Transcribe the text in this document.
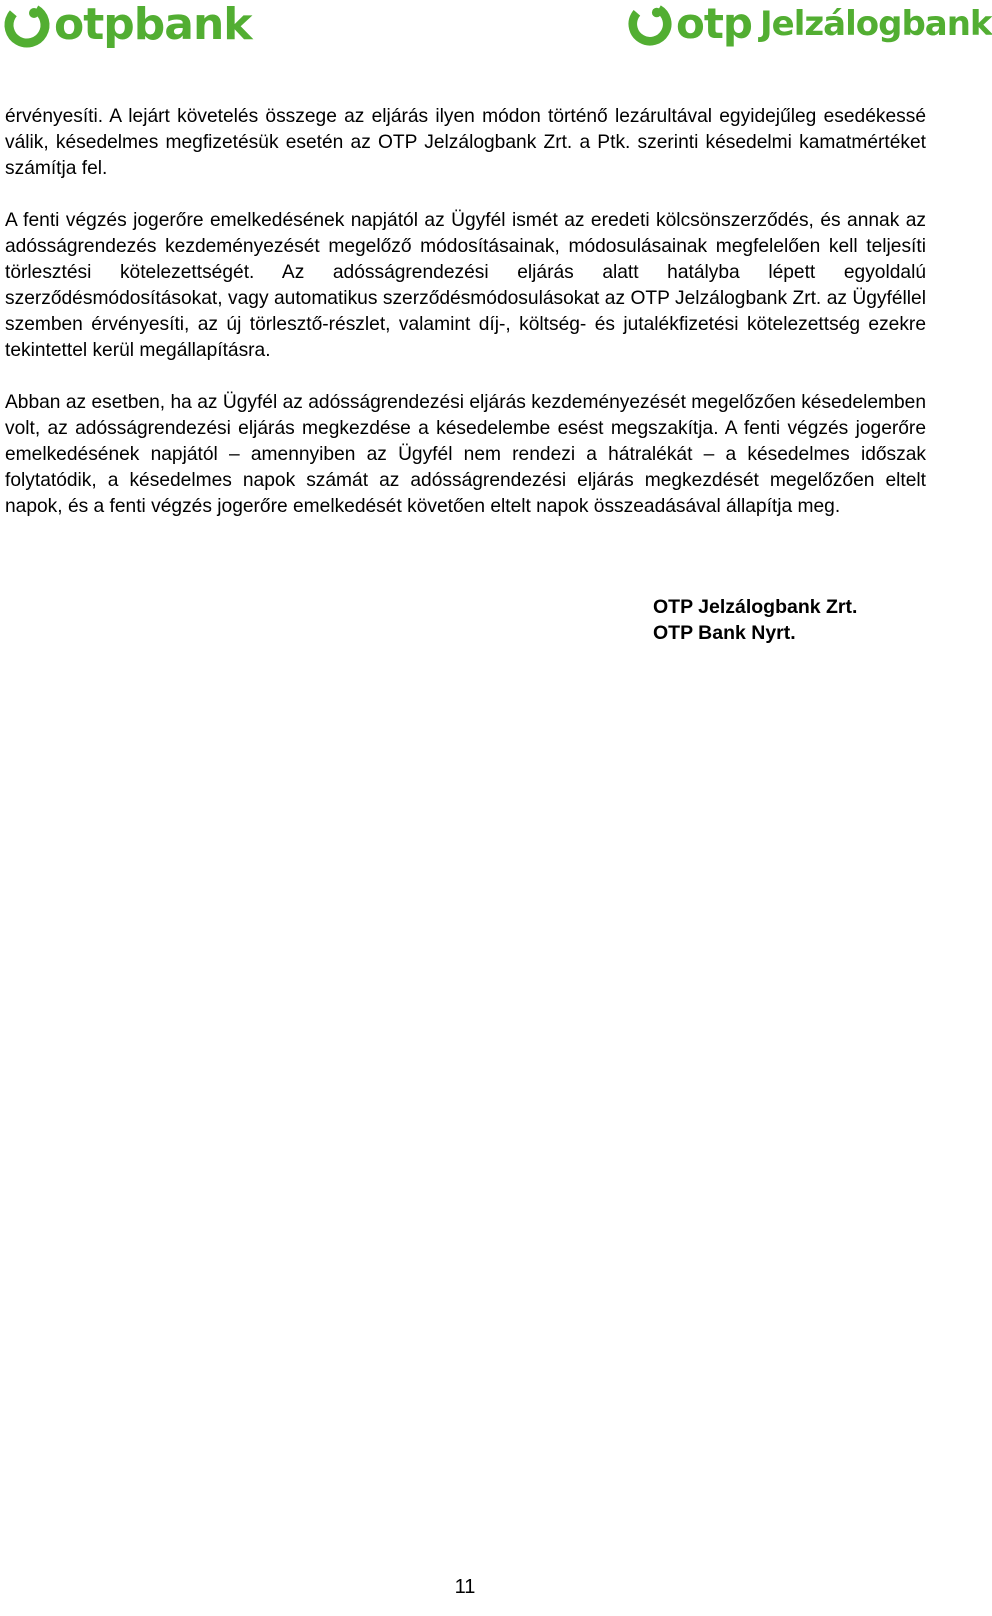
otpbank	otp Jelzálogbank

érvényesíti. A lejárt követelés összege az eljárás ilyen módon történő lezárultával egyidejűleg esedékessé válik, késedelmes megfizetésük esetén az OTP Jelzálogbank Zrt. a Ptk. szerinti késedelmi kamatmértéket számítja fel.

A fenti végzés jogerőre emelkedésének napjától az Ügyfél ismét az eredeti kölcsönszerződés, és annak az adósságrendezés kezdeményezését megelőző módosításainak, módosulásainak megfelelően kell teljesíti törlesztési kötelezettségét. Az adósságrendezési eljárás alatt hatályba lépett egyoldalú szerződésmódosításokat, vagy automatikus szerződésmódosulásokat az OTP Jelzálogbank Zrt. az Ügyféllel szemben érvényesíti, az új törlesztő-részlet, valamint díj-, költség- és jutalékfizetési kötelezettség ezekre tekintettel kerül megállapításra.

Abban az esetben, ha az Ügyfél az adósságrendezési eljárás kezdeményezését megelőzően késedelemben volt, az adósságrendezési eljárás megkezdése a késedelembe esést megszakítja. A fenti végzés jogerőre emelkedésének napjától – amennyiben az Ügyfél nem rendezi a hátralékát – a késedelmes időszak folytatódik, a késedelmes napok számát az adósságrendezési eljárás megkezdését megelőzően eltelt napok, és a fenti végzés jogerőre emelkedését követően eltelt napok összeadásával állapítja meg.

OTP Jelzálogbank Zrt.
OTP Bank Nyrt.
11
